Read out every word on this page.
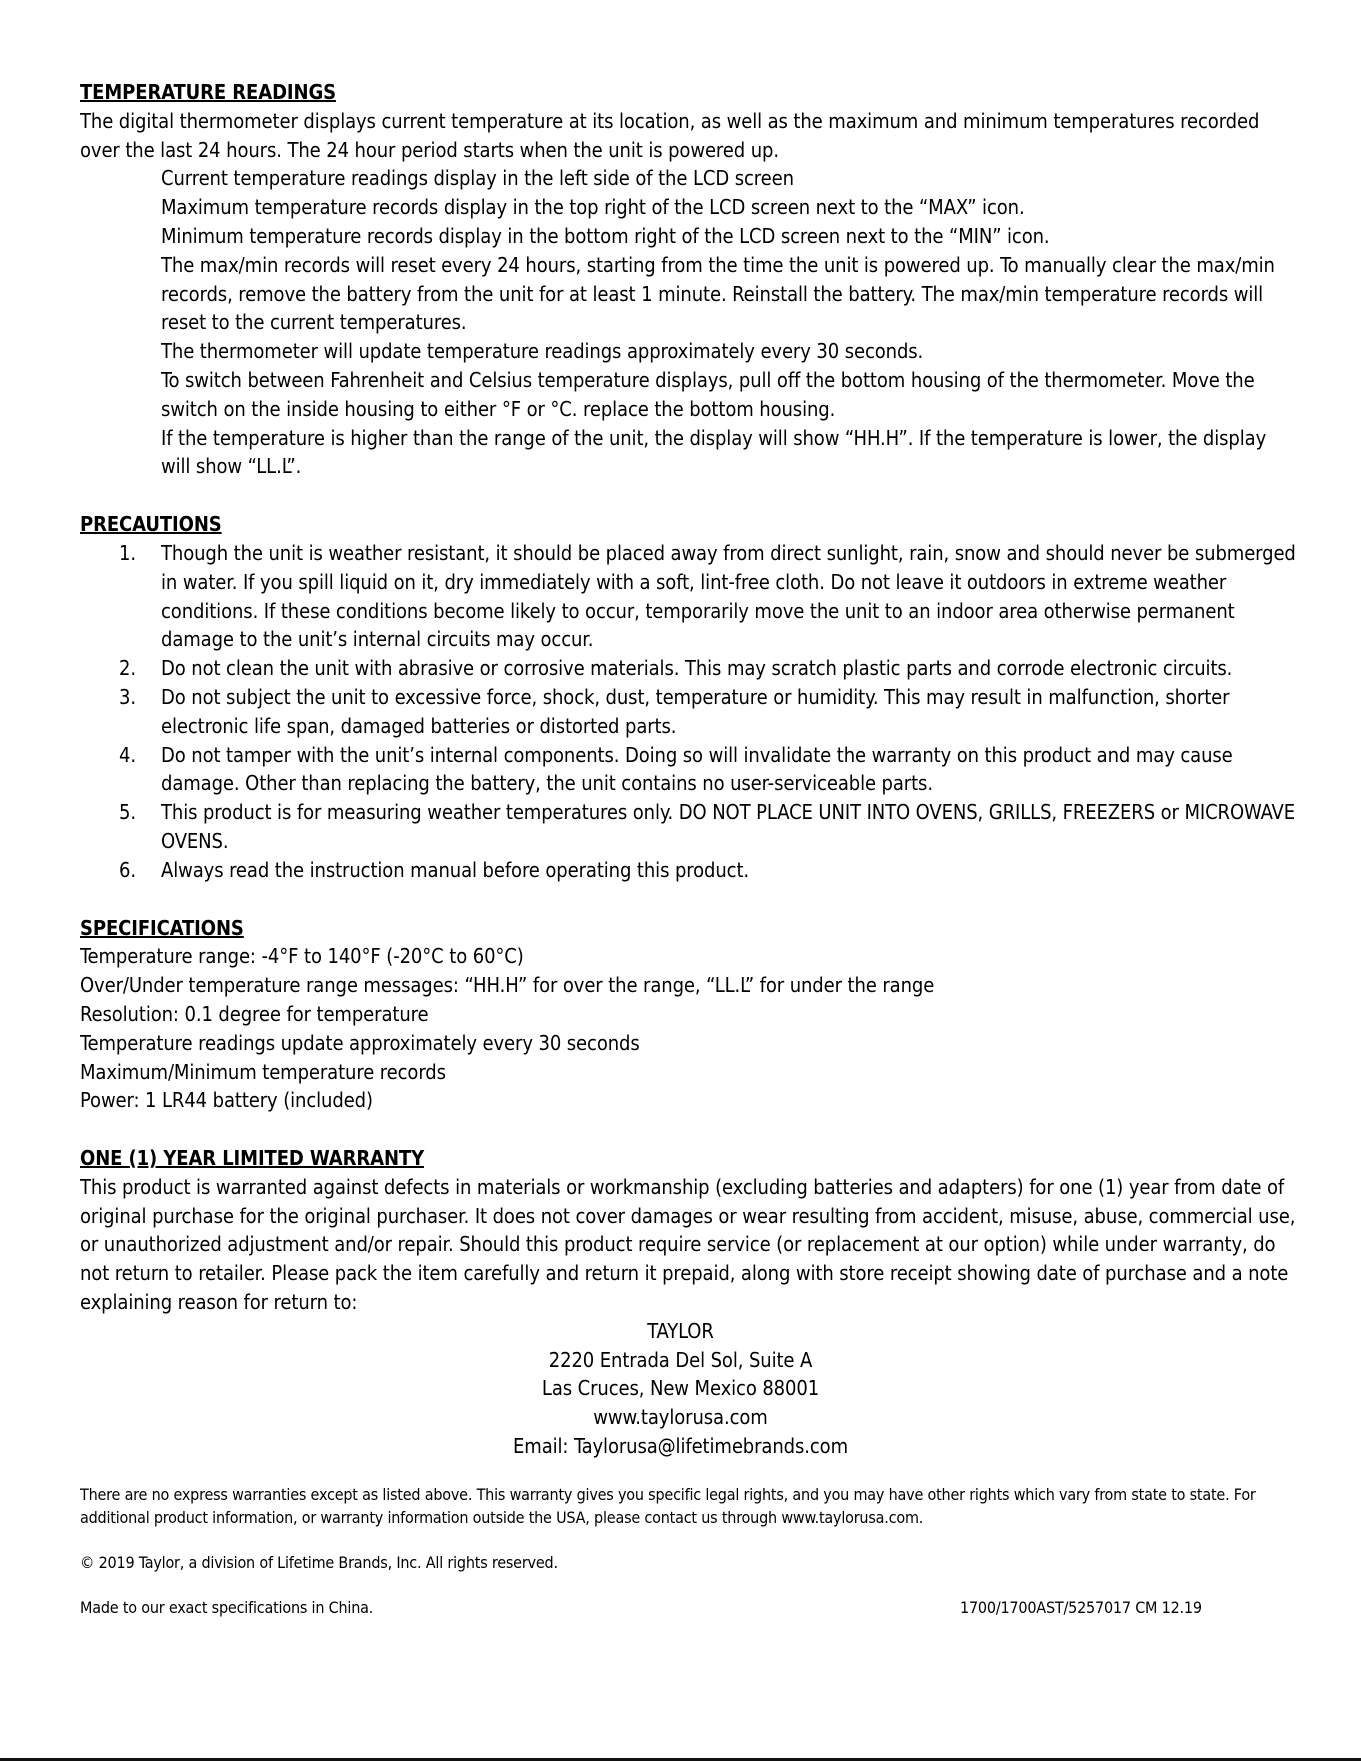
TEMPERATURE READINGS

The digital thermometer displays current temperature at its location, as well as the maximum and minimum temperatures recorded over the last 24 hours. The 24 hour period starts when the unit is powered up.

Current temperature readings display in the left side of the LCD screen

Maximum temperature records display in the top right of the LCD screen next to the “MAX” icon.

Minimum temperature records display in the bottom right of the LCD screen next to the “MIN” icon.

The max/min records will reset every 24 hours, starting from the time the unit is powered up. To manually clear the max/min records, remove the battery from the unit for at least 1 minute. Reinstall the battery. The max/min temperature records will reset to the current temperatures.

The thermometer will update temperature readings approximately every 30 seconds.

To switch between Fahrenheit and Celsius temperature displays, pull off the bottom housing of the thermometer. Move the switch on the inside housing to either °F or °C. replace the bottom housing.

If the temperature is higher than the range of the unit, the display will show “HH.H”. If the temperature is lower, the display will show “LL.L”.

PRECAUTIONS

1.	Though the unit is weather resistant, it should be placed away from direct sunlight, rain, snow and should never be submerged in water. If you spill liquid on it, dry immediately with a soft, lint-free cloth. Do not leave it outdoors in extreme weather conditions. If these conditions become likely to occur, temporarily move the unit to an indoor area otherwise permanent damage to the unit’s internal circuits may occur.
2.	Do not clean the unit with abrasive or corrosive materials. This may scratch plastic parts and corrode electronic circuits.
3.	Do not subject the unit to excessive force, shock, dust, temperature or humidity. This may result in malfunction, shorter electronic life span, damaged batteries or distorted parts.
4.	Do not tamper with the unit’s internal components. Doing so will invalidate the warranty on this product and may cause damage. Other than replacing the battery, the unit contains no user-serviceable parts.
5.	This product is for measuring weather temperatures only. DO NOT PLACE UNIT INTO OVENS, GRILLS, FREEZERS or MICROWAVE OVENS.
6.	Always read the instruction manual before operating this product.

SPECIFICATIONS

Temperature range: -4°F to 140°F (-20°C to 60°C)

Over/Under temperature range messages: “HH.H” for over the range, “LL.L” for under the range

Resolution: 0.1 degree for temperature

Temperature readings update approximately every 30 seconds

Maximum/Minimum temperature records

Power: 1 LR44 battery (included)

ONE (1) YEAR LIMITED WARRANTY

This product is warranted against defects in materials or workmanship (excluding batteries and adapters) for one (1) year from date of original purchase for the original purchaser. It does not cover damages or wear resulting from accident, misuse, abuse, commercial use, or unauthorized adjustment and/or repair. Should this product require service (or replacement at our option) while under warranty, do not return to retailer. Please pack the item carefully and return it prepaid, along with store receipt showing date of purchase and a note explaining reason for return to:

TAYLOR
2220 Entrada Del Sol, Suite A
Las Cruces, New Mexico 88001
www.taylorusa.com
Email: Taylorusa@lifetimebrands.com

There are no express warranties except as listed above. This warranty gives you specific legal rights, and you may have other rights which vary from state to state. For additional product information, or warranty information outside the USA, please contact us through www.taylorusa.com.

© 2019 Taylor, a division of Lifetime Brands, Inc. All rights reserved.

Made to our exact specifications in China.	1700/1700AST/5257017 CM 12.19
